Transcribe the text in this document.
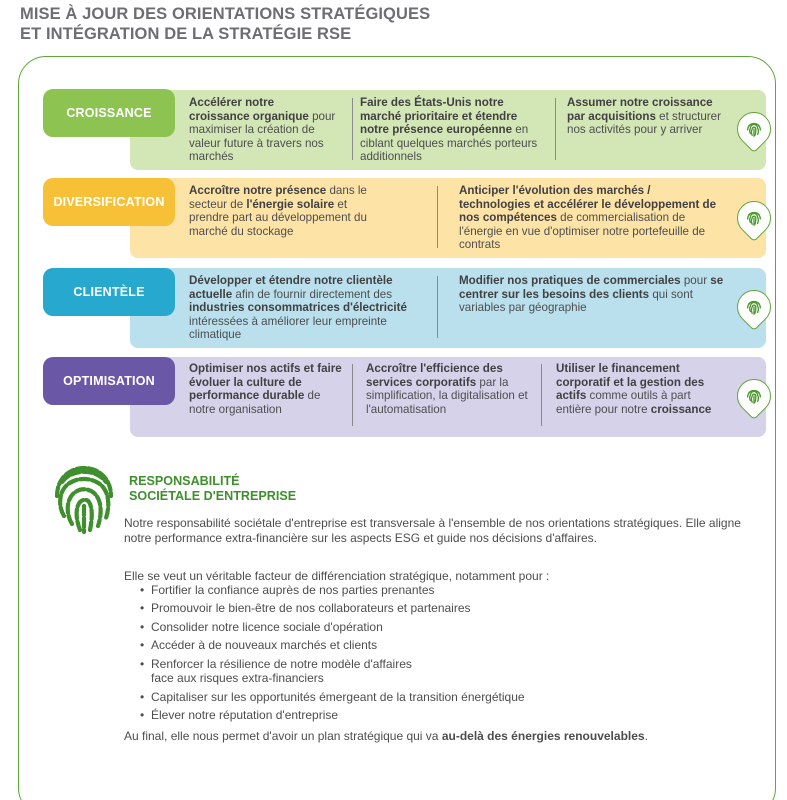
MISE À JOUR DES ORIENTATIONS STRATÉGIQUES
ET INTÉGRATION DE LA STRATÉGIE RSE
CROISSANCE
Accélérer notre
croissance organique pour maximiser la création de valeur future à travers nos marchés
Faire des États-Unis notre marché prioritaire et étendre notre présence européenne en ciblant quelques marchés porteurs additionnels
Assumer notre croissance par acquisitions et structurer nos activités pour y arriver
DIVERSIFICATION
Accroître notre présence dans le secteur de l'énergie solaire et prendre part au développement du marché du stockage
Anticiper l'évolution des marchés / technologies et accélérer le développement de nos compétences de commercialisation de l'énergie en vue d'optimiser notre portefeuille de contrats
CLIENTÈLE
Développer et étendre notre clientèle actuelle afin de fournir directement des industries consommatrices d'électricité intéressées à améliorer leur empreinte climatique
Modifier nos pratiques de commerciales pour se centrer sur les besoins des clients qui sont variables par géographie
OPTIMISATION
Optimiser nos actifs et faire évoluer la culture de performance durable de notre organisation
Accroître l'efficience des services corporatifs par la simplification, la digitalisation et l'automatisation
Utiliser le financement corporatif et la gestion des actifs comme outils à part entière pour notre croissance
RESPONSABILITÉ
SOCIÉTALE D'ENTREPRISE
Notre responsabilité sociétale d'entreprise est transversale à l'ensemble de nos orientations stratégiques. Elle aligne notre performance extra-financière sur les aspects ESG et guide nos décisions d'affaires.
Elle se veut un véritable facteur de différenciation stratégique, notamment pour :
• Fortifier la confiance auprès de nos parties prenantes
• Promouvoir le bien-être de nos collaborateurs et partenaires
• Consolider notre licence sociale d'opération
• Accéder à de nouveaux marchés et clients
• Renforcer la résilience de notre modèle d'affaires
face aux risques extra-financiers
• Capitaliser sur les opportunités émergeant de la transition énergétique
• Élever notre réputation d'entreprise
Au final, elle nous permet d'avoir un plan stratégique qui va au-delà des énergies renouvelables.
